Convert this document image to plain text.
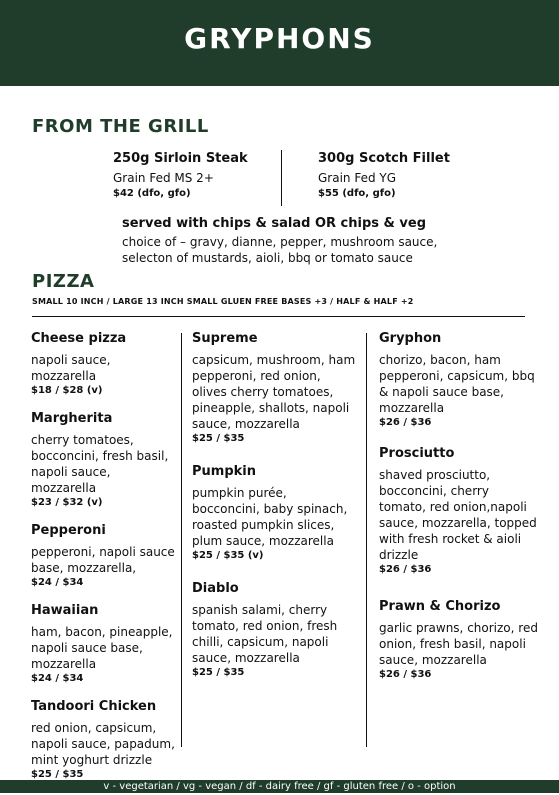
GRYPHONS
FROM THE GRILL
250g Sirloin Steak
Grain Fed MS 2+
$42 (dfo, gfo)
300g Scotch Fillet
Grain Fed YG
$55 (dfo, gfo)
served with chips & salad OR chips & veg
choice of – gravy, dianne, pepper, mushroom sauce, selecton of mustards, aioli, bbq or tomato sauce
PIZZA
SMALL 10 INCH / LARGE 13 INCH SMALL GLUEN FREE BASES +3 / HALF & HALF +2
Cheese pizza
napoli sauce, mozzarella
$18 / $28 (v)
Margherita
cherry tomatoes, bocconcini, fresh basil, napoli sauce, mozzarella
$23 / $32 (v)
Pepperoni
pepperoni, napoli sauce base, mozzarella,
$24 / $34
Hawaiian
ham, bacon, pineapple, napoli sauce base, mozzarella
$24 / $34
Tandoori Chicken
red onion, capsicum, napoli sauce, papadum, mint yoghurt drizzle
$25 / $35
Supreme
capsicum, mushroom, ham pepperoni, red onion, olives cherry tomatoes, pineapple, shallots, napoli sauce, mozzarella
$25 / $35
Pumpkin
pumpkin purée, bocconcini, baby spinach, roasted pumpkin slices, plum sauce, mozzarella
$25 / $35 (v)
Diablo
spanish salami, cherry tomato, red onion, fresh chilli, capsicum, napoli sauce, mozzarella
$25 / $35
Gryphon
chorizo, bacon, ham pepperoni, capsicum, bbq & napoli sauce base, mozzarella
$26 / $36
Prosciutto
shaved prosciutto, bocconcini, cherry tomato, red onion,napoli sauce, mozzarella, topped with fresh rocket & aioli drizzle
$26 / $36
Prawn & Chorizo
garlic prawns, chorizo, red onion, fresh basil, napoli sauce, mozzarella
$26 / $36
v - vegetarian / vg - vegan / df - dairy free / gf - gluten free / o - option
